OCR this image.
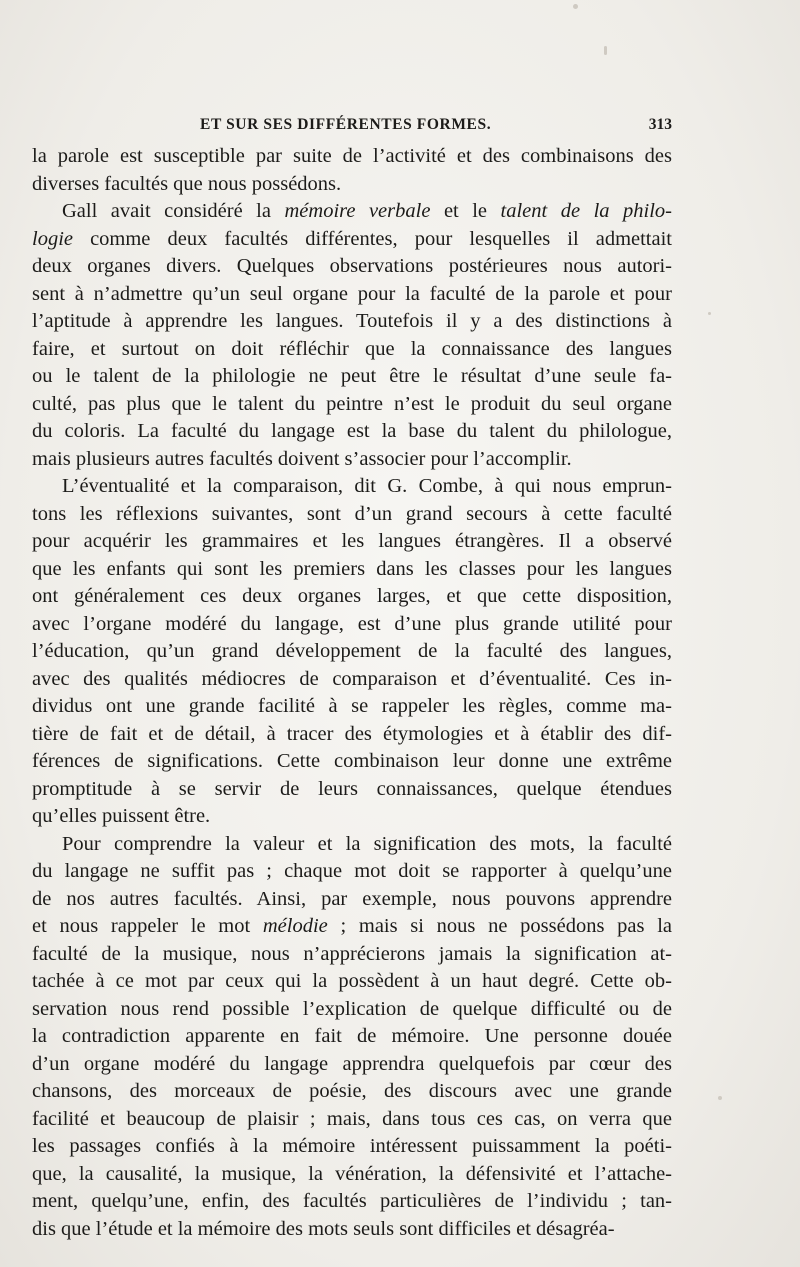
ET SUR SES DIFFÉRENTES FORMES.	313
la parole est susceptible par suite de l’activité et des combinaisons des
diverses facultés que nous possédons.
Gall avait considéré la mémoire verbale et le talent de la philo-
logie comme deux facultés différentes, pour lesquelles il admettait
deux organes divers. Quelques observations postérieures nous autori-
sent à n’admettre qu’un seul organe pour la faculté de la parole et pour
l’aptitude à apprendre les langues. Toutefois il y a des distinctions à
faire, et surtout on doit réfléchir que la connaissance des langues
ou le talent de la philologie ne peut être le résultat d’une seule fa-
culté, pas plus que le talent du peintre n’est le produit du seul organe
du coloris. La faculté du langage est la base du talent du philologue,
mais plusieurs autres facultés doivent s’associer pour l’accomplir.
L’éventualité et la comparaison, dit G. Combe, à qui nous emprun-
tons les réflexions suivantes, sont d’un grand secours à cette faculté
pour acquérir les grammaires et les langues étrangères. Il a observé
que les enfants qui sont les premiers dans les classes pour les langues
ont généralement ces deux organes larges, et que cette disposition,
avec l’organe modéré du langage, est d’une plus grande utilité pour
l’éducation, qu’un grand développement de la faculté des langues,
avec des qualités médiocres de comparaison et d’éventualité. Ces in-
dividus ont une grande facilité à se rappeler les règles, comme ma-
tière de fait et de détail, à tracer des étymologies et à établir des dif-
férences de significations. Cette combinaison leur donne une extrême
promptitude à se servir de leurs connaissances, quelque étendues
qu’elles puissent être.
Pour comprendre la valeur et la signification des mots, la faculté
du langage ne suffit pas ; chaque mot doit se rapporter à quelqu’une
de nos autres facultés. Ainsi, par exemple, nous pouvons apprendre
et nous rappeler le mot mélodie ; mais si nous ne possédons pas la
faculté de la musique, nous n’apprécierons jamais la signification at-
tachée à ce mot par ceux qui la possèdent à un haut degré. Cette ob-
servation nous rend possible l’explication de quelque difficulté ou de
la contradiction apparente en fait de mémoire. Une personne douée
d’un organe modéré du langage apprendra quelquefois par cœur des
chansons, des morceaux de poésie, des discours avec une grande
facilité et beaucoup de plaisir ; mais, dans tous ces cas, on verra que
les passages confiés à la mémoire intéressent puissamment la poéti-
que, la causalité, la musique, la vénération, la défensivité et l’attache-
ment, quelqu’une, enfin, des facultés particulières de l’individu ; tan-
dis que l’étude et la mémoire des mots seuls sont difficiles et désagréa-
